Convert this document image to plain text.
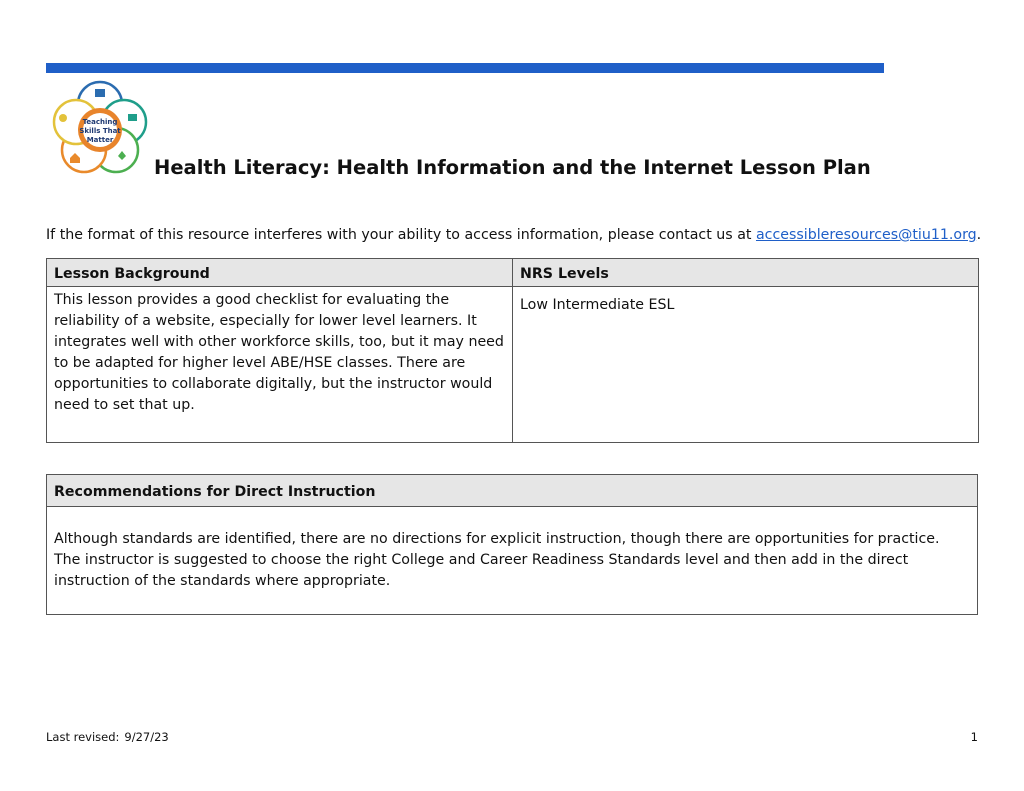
Teaching
Skills That
Matter
Health Literacy: Health Information and the Internet Lesson Plan

If the format of this resource interferes with your ability to access information, please contact us at accessibleresources@tiu11.org.

Lesson Background	NRS Levels
This lesson provides a good checklist for evaluating the reliability of a website, especially for lower level learners. It integrates well with other workforce skills, too, but it may need to be adapted for higher level ABE/HSE classes. There are opportunities to collaborate digitally, but the instructor would need to set that up.	Low Intermediate ESL
Recommendations for Direct Instruction
Although standards are identified, there are no directions for explicit instruction, though there are opportunities for practice. The instructor is suggested to choose the right College and Career Readiness Standards level and then add in the direct instruction of the standards where appropriate.

Last revised: 9/27/23	1
